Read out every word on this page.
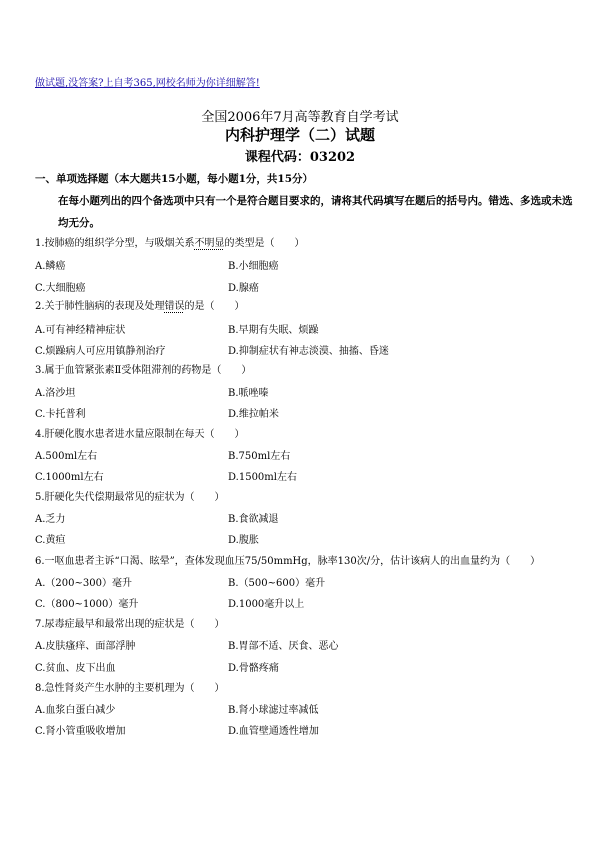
做试题,没答案?上自考365,网校名师为你详细解答!
全国2006年7月高等教育自学考试
内科护理学（二）试题
课程代码：03202
一、单项选择题（本大题共15小题，每小题1分，共15分）
在每小题列出的四个备选项中只有一个是符合题目要求的，请将其代码填写在题后的括号内。错选、多选或未选均无分。
1.按肺癌的组织学分型，与吸烟关系不明显的类型是（　　）
A.鳞癌	B.小细胞癌
C.大细胞癌	D.腺癌
2.关于肺性脑病的表现及处理错误的是（　　）
A.可有神经精神症状	B.早期有失眠、烦躁
C.烦躁病人可应用镇静剂治疗	D.抑制症状有神志淡漠、抽搐、昏迷
3.属于血管紧张素Ⅱ受体阻滞剂的药物是（　　）
A.洛沙坦	B.哌唑嗪
C.卡托普利	D.维拉帕米
4.肝硬化腹水患者进水量应限制在每天（　　）
A.500ml左右	B.750ml左右
C.1000ml左右	D.1500ml左右
5.肝硬化失代偿期最常见的症状为（　　）
A.乏力	B.食欲减退
C.黄疸	D.腹胀
6.一呕血患者主诉“口渴、眩晕”，查体发现血压75/50mmHg，脉率130次/分，估计该病人的出血量约为（　　）
A.（200~300）毫升	B.（500~600）毫升
C.（800~1000）毫升	D.1000毫升以上
7.尿毒症最早和最常出现的症状是（　　）
A.皮肤瘙痒、面部浮肿	B.胃部不适、厌食、恶心
C.贫血、皮下出血	D.骨骼疼痛
8.急性肾炎产生水肿的主要机理为（　　）
A.血浆白蛋白减少	B.肾小球滤过率减低
C.肾小管重吸收增加	D.血管壁通透性增加
